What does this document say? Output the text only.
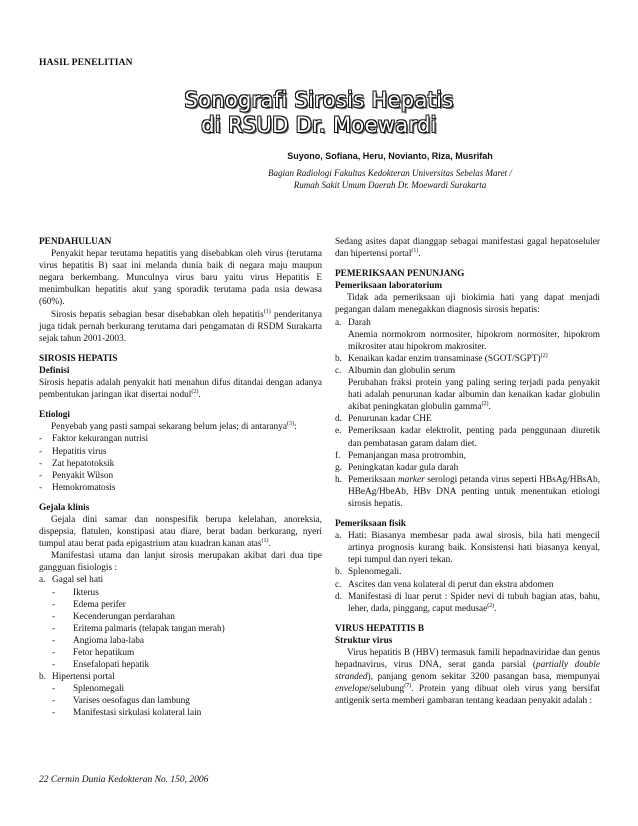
HASIL PENELITIAN
Sonografi Sirosis Hepatis
di RSUD Dr. Moewardi
Suyono, Sofiana, Heru, Novianto, Riza, Musrifah
Bagian Radiologi Fakultas Kedokteran Universitas Sebelas Maret /
Rumah Sakit Umum Daerah Dr. Moewardi Surakarta

PENDAHULUAN

Penyakit hepar terutama hepatitis yang disebabkan oleh virus (terutama virus hepatitis B) saat ini melanda dunia baik di negara maju maupun negara berkembang. Munculnya virus baru yaitu virus Hepatitis E menimbulkan hepatitis akut yang sporadik terutama pada usia dewasa (60%).

Sirosis hepatis sebagian besar disebabkan oleh hepatitis$^{(1)}$ penderitanya juga tidak pernah berkurang terutama dari pengamatan di RSDM Surakarta sejak tahun 2001-2003.

SIROSIS HEPATIS

Definisi

Sirosis hepatis adalah penyakit hati menahun difus ditandai dengan adanya pembentukan jaringan ikat disertai nodul$^{(2)}$.

Etiologi

Penyebab yang pasti sampai sekarang belum jelas; di antaranya$^{(3)}$:

-	Faktor kekurangan nutrisi
-	Hepatitis virus
-	Zat hepatotoksik
-	Penyakit Wilson
-	Hemokromatosis

Gejala klinis

Gejala dini samar dan nonspesifik berupa kelelahan, anoreksia, dispepsia, flatulen, konstipasi atau diare, berat badan berkurang, nyeri tumpul atau berat pada epigastrium atau kuadran kanan atas$^{(1)}$.

Manifestasi utama dan lanjut sirosis merupakan akibat dari dua tipe gangguan fisiologis :

a. Gagal sel hati
-	Ikterus
-	Edema perifer
-	Kecenderungan perdarahan
-	Eritema palmaris (telapak tangan merah)
-	Angioma laba-laba
-	Fetor hepatikum
-	Ensefalopati hepatik
b. Hipertensi portal
-	Splenomegali
-	Varises oesofagus dan lambung
-	Manifestasi sirkulasi kolateral lain

Sedang asites dapat dianggap sebagai manifestasi gagal hepatoseluler dan hipertensi portal$^{(1)}$.

PEMERIKSAAN PENUNJANG

Pemeriksaan laboratorium

Tidak ada pemeriksaan uji biokimia hati yang dapat menjadi pegangan dalam menegakkan diagnosis sirosis hepatis:

a. Darah

Anemia normokrom normositer, hipokrom normositer, hipokrom mikrositer atau hipokrom makrositer.

b. Kenaikan kadar enzim transaminase (SGOT/SGPT)$^{(2)}$
c. Albumin dan globulin serum

Perubahan fraksi protein yang paling sering terjadi pada penyakit hati adalah penurunan kadar albumin dan kenaikan kadar globulin akibat peningkatan globulin gamma$^{(2)}$.

d. Penurunan kadar CHE
e. Pemeriksaan kadar elektrolit, penting pada penggunaan diuretik dan pembatasan garam dalam diet.
f. Pemanjangan masa protrombin,
g. Peningkatan kadar gula darah
h. Pemeriksaan marker serologi petanda virus seperti HBsAg/HBsAb, HBeAg/HbeAb, HBv DNA penting untuk menentukan etiologi sirosis hepatis.

Pemeriksaan fisik

a. Hati: Biasanya membesar pada awal sirosis, bila hati mengecil artinya prognosis kurang baik. Konsistensi hati biasanya kenyal, tepi tumpul dan nyeri tekan.
b. Splenomegali.
c. Ascites dan vena kolateral di perut dan ekstra abdomen
d. Manifestasi di luar perut : Spider nevi di tubuh bagian atas, bahu, leher, dada, pinggang, caput medusae$^{(2)}$.

VIRUS HEPATITIS B

Struktur virus

Virus hepatitis B (HBV) termasuk famili hepadnaviridae dan genus hepadnavirus, virus DNA, serat ganda parsial (partially double stranded), panjang genom sekitar 3200 pasangan basa, mempunyai envelope/selubung$^{(7)}$. Protein yang dibuat oleh virus yang bersifat antigenik serta memberi gambaran tentang keadaan penyakit adalah :

22 Cermin Dunia Kedokteran No. 150, 2006
